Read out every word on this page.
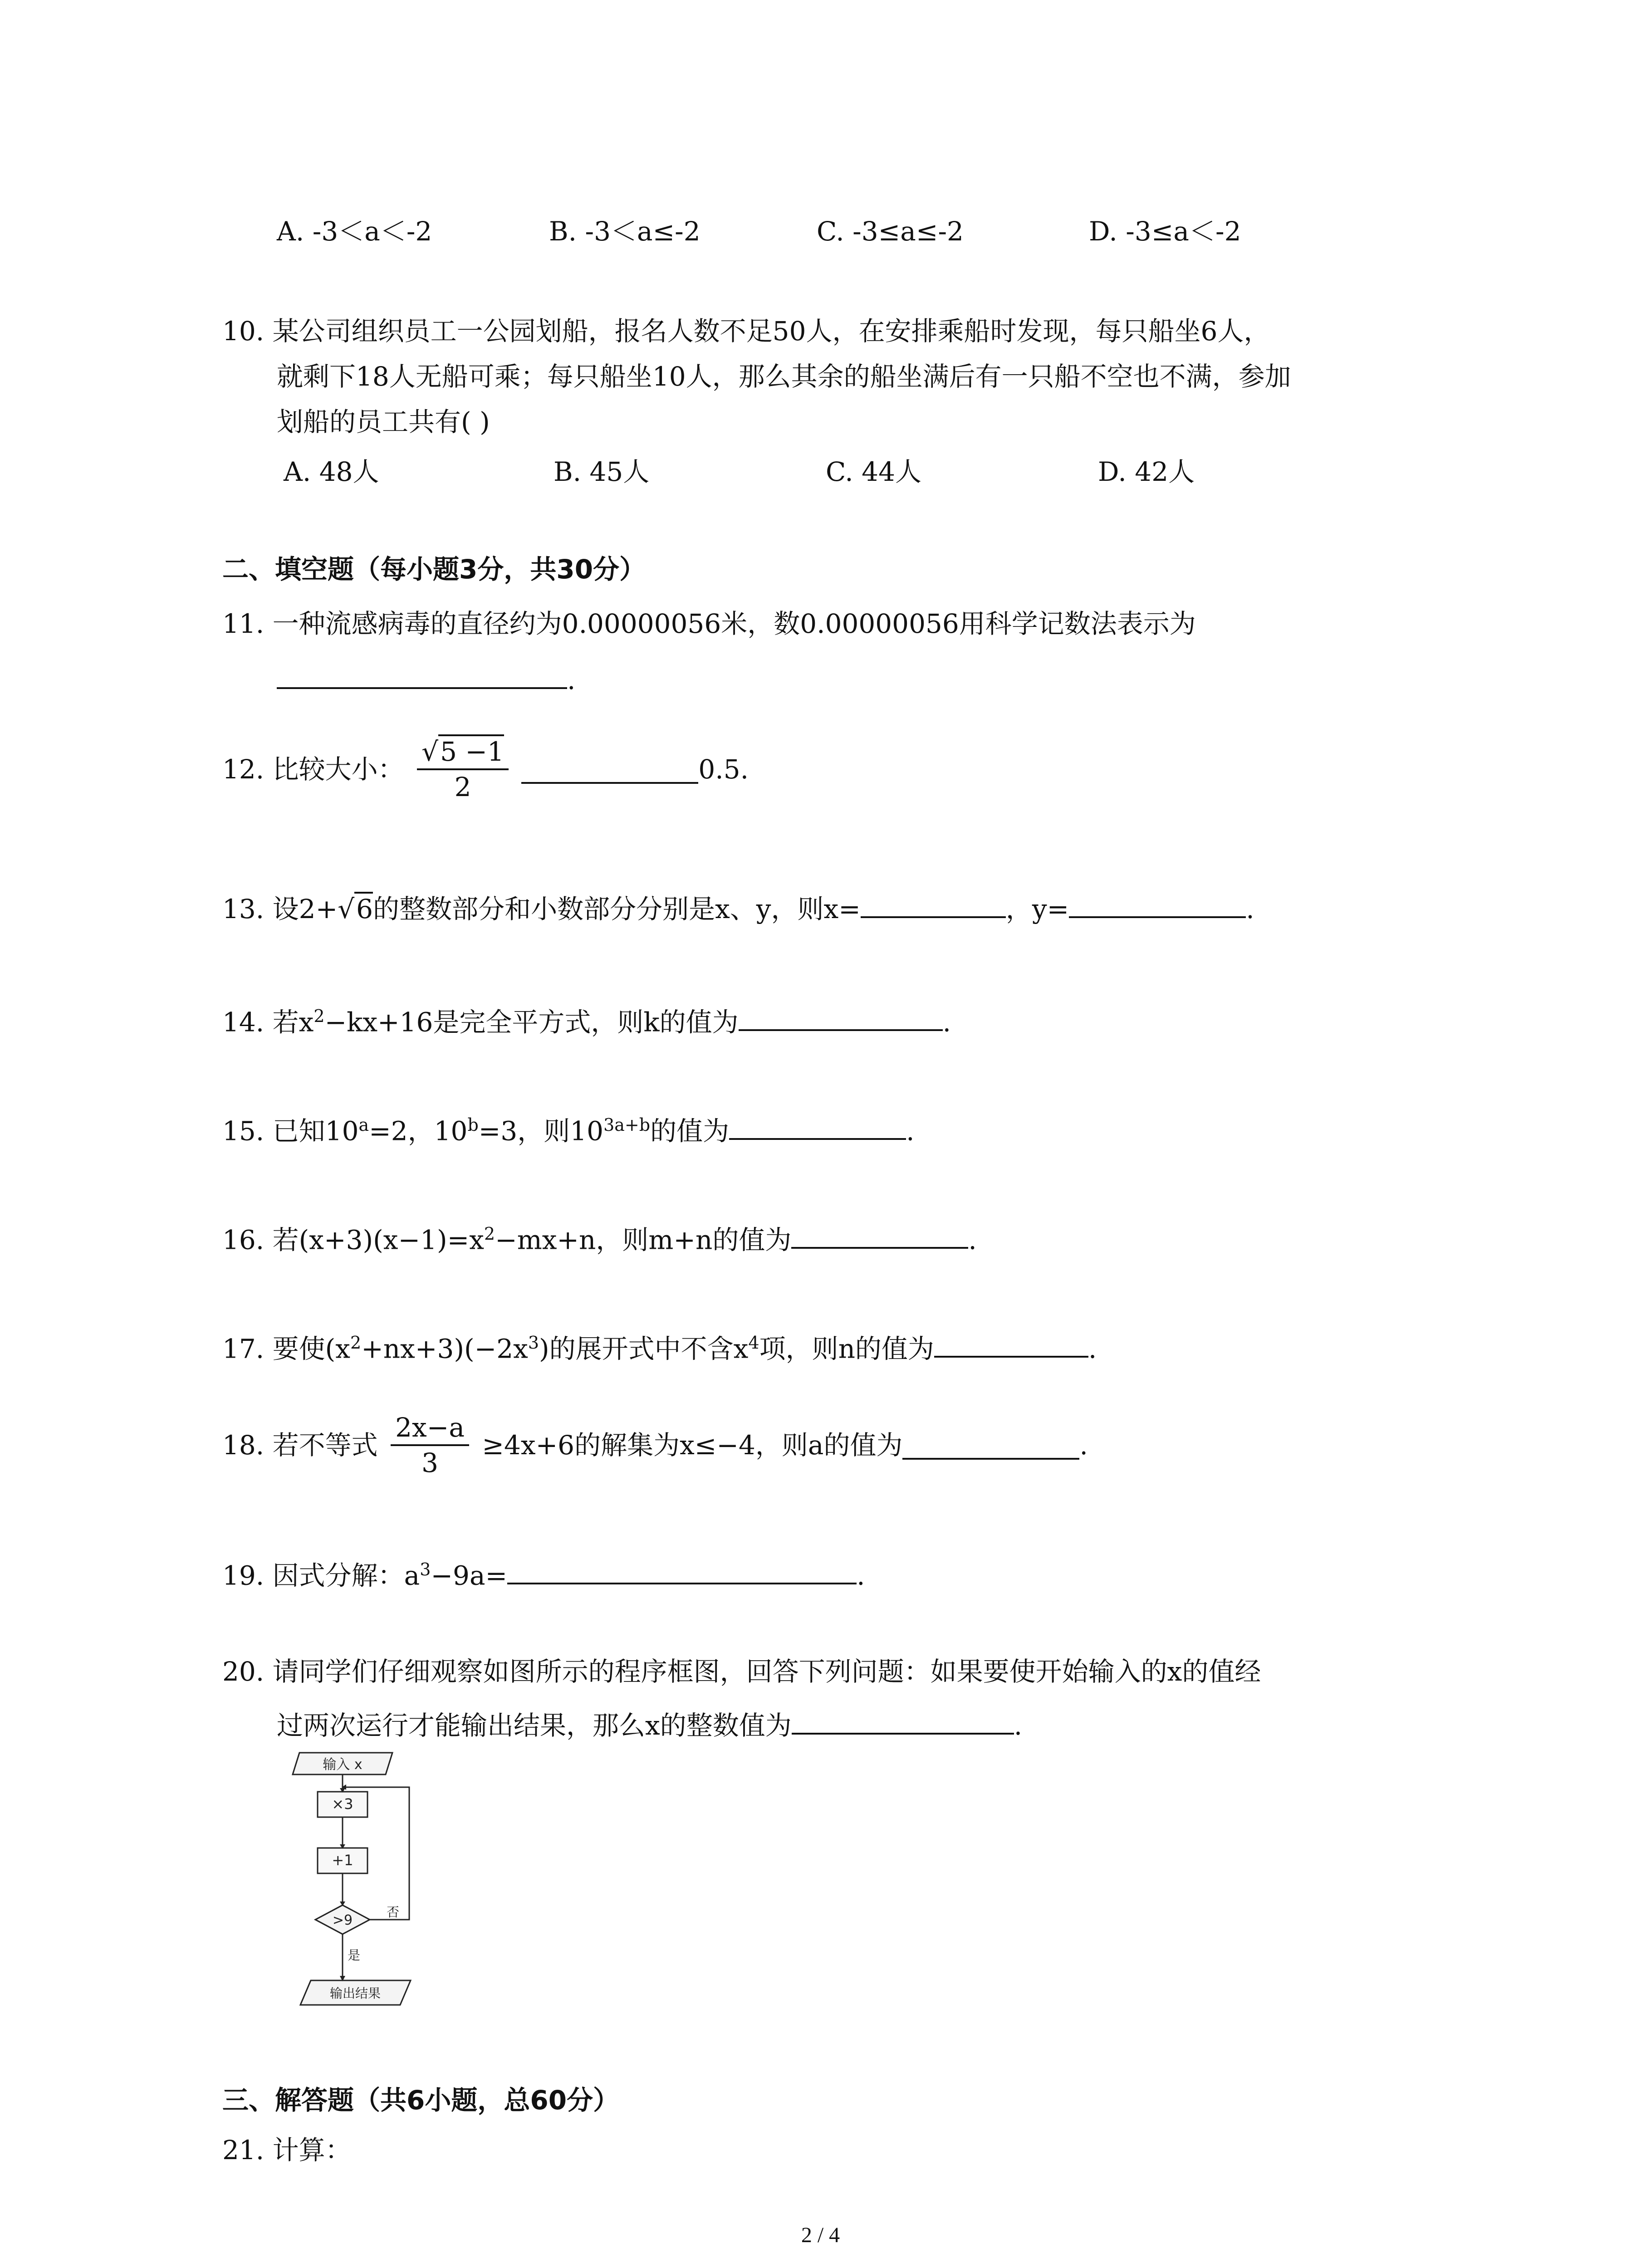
A. -3＜a＜-2	B. -3＜a≤-2	C. -3≤a≤-2	D. -3≤a＜-2
10. 某公司组织员工一公园划船，报名人数不足50人，在安排乘船时发现，每只船坐6人，
就剩下18人无船可乘；每只船坐10人，那么其余的船坐满后有一只船不空也不满，参加
划船的员工共有( )
A. 48人	B. 45人	C. 44人	D. 42人
二、填空题（每小题3分，共30分）
11. 一种流感病毒的直径约为0.00000056米，数0.00000056用科学记数法表示为
.
12. 比较大小： $\frac{√5 -1}{2}$	0.5.
13. 设2+√6的整数部分和小数部分分别是x、y，则x=	，y=	.
14. 若$x^2-kx+16$是完全平方式，则k的值为	.
15. 已知$10^a=2$，$10^b=3$，则$10^{3a+b}$的值为	.
16. 若$(x+3)(x-1)=x^2-mx+n$，则m+n的值为	.
17. 要使$(x^2+nx+3)(-2x^3)$的展开式中不含$x^4$项，则n的值为	.
18. 若不等式 $\frac{2x-a}{3} \ge 4x+6$的解集为x≤−4，则a的值为	.
19. 因式分解：$a^3-9a=$	.
20. 请同学们仔细观察如图所示的程序框图，回答下列问题：如果要使开始输入的x的值经
过两次运行才能输出结果，那么x的整数值为	.
输入 x
×3
+1
>9
否
是
输出结果
三、解答题（共6小题，总60分）
21. 计算：
2 / 4
